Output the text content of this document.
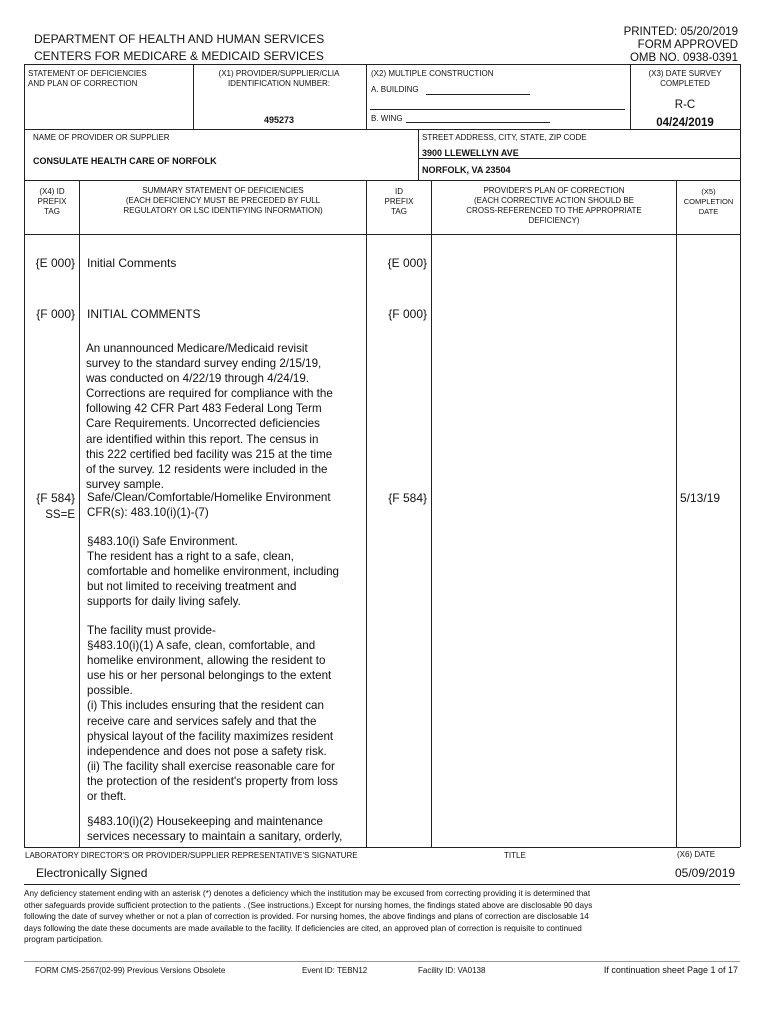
DEPARTMENT OF HEALTH AND HUMAN SERVICES
CENTERS FOR MEDICARE & MEDICAID SERVICES
PRINTED: 05/20/2019
FORM APPROVED
OMB NO. 0938-0391
STATEMENT OF DEFICIENCIES
AND PLAN OF CORRECTION
(X1) PROVIDER/SUPPLIER/CLIA
IDENTIFICATION NUMBER:
495273
(X2) MULTIPLE CONSTRUCTION
A. BUILDING
B. WING
(X3) DATE SURVEY
COMPLETED
R-C
04/24/2019
NAME OF PROVIDER OR SUPPLIER
CONSULATE HEALTH CARE OF NORFOLK
STREET ADDRESS, CITY, STATE, ZIP CODE
3900 LLEWELLYN AVE
NORFOLK, VA 23504
(X4) ID
PREFIX
TAG
SUMMARY STATEMENT OF DEFICIENCIES
(EACH DEFICIENCY MUST BE PRECEDED BY FULL
REGULATORY OR LSC IDENTIFYING INFORMATION)
ID
PREFIX
TAG
PROVIDER'S PLAN OF CORRECTION
(EACH CORRECTIVE ACTION SHOULD BE
CROSS-REFERENCED TO THE APPROPRIATE
DEFICIENCY)
(X5)
COMPLETION
DATE
{E 000} Initial Comments	{E 000}
{F 000} INITIAL COMMENTS	{F 000}
An unannounced Medicare/Medicaid revisit
survey to the standard survey ending 2/15/19,
was conducted on 4/22/19 through 4/24/19.
Corrections are required for compliance with the
following 42 CFR Part 483 Federal Long Term
Care Requirements. Uncorrected deficiencies
are identified within this report. The census in
this 222 certified bed facility was 215 at the time
of the survey. 12 residents were included in the
survey sample.
{F 584}
SS=E
Safe/Clean/Comfortable/Homelike Environment
CFR(s): 483.10(i)(1)-(7)
{F 584}	5/13/19
§483.10(i) Safe Environment.
The resident has a right to a safe, clean,
comfortable and homelike environment, including
but not limited to receiving treatment and
supports for daily living safely.
The facility must provide-
§483.10(i)(1) A safe, clean, comfortable, and
homelike environment, allowing the resident to
use his or her personal belongings to the extent
possible.
(i) This includes ensuring that the resident can
receive care and services safely and that the
physical layout of the facility maximizes resident
independence and does not pose a safety risk.
(ii) The facility shall exercise reasonable care for
the protection of the resident's property from loss
or theft.
§483.10(i)(2) Housekeeping and maintenance
services necessary to maintain a sanitary, orderly,
LABORATORY DIRECTOR'S OR PROVIDER/SUPPLIER REPRESENTATIVE'S SIGNATURE	TITLE	(X6) DATE
Electronically Signed	05/09/2019
Any deficiency statement ending with an asterisk (*) denotes a deficiency which the institution may be excused from correcting providing it is determined that
other safeguards provide sufficient protection to the patients . (See instructions.) Except for nursing homes, the findings stated above are disclosable 90 days
following the date of survey whether or not a plan of correction is provided. For nursing homes, the above findings and plans of correction are disclosable 14
days following the date these documents are made available to the facility. If deficiencies are cited, an approved plan of correction is requisite to continued
program participation.
FORM CMS-2567(02-99) Previous Versions Obsolete	Event ID: TEBN12	Facility ID: VA0138	If continuation sheet Page 1 of 17
